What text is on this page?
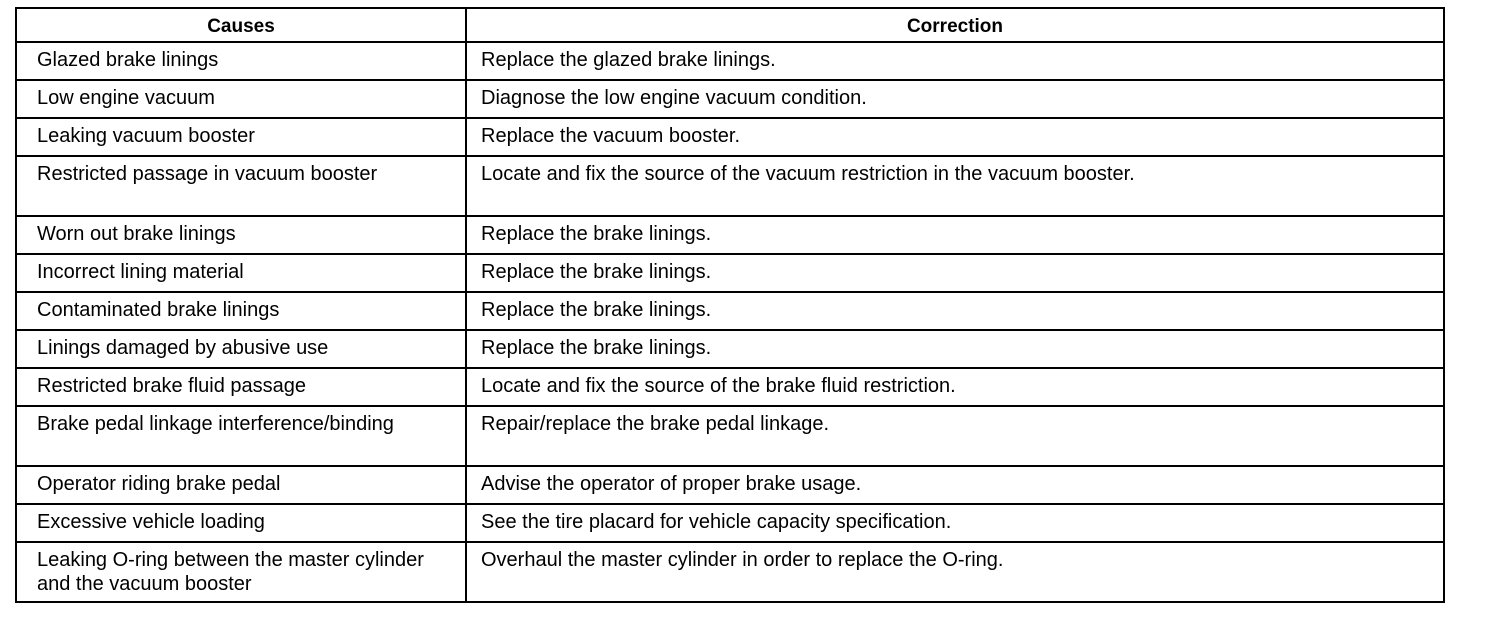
Causes	Correction
Glazed brake linings	Replace the glazed brake linings.
Low engine vacuum	Diagnose the low engine vacuum condition.
Leaking vacuum booster	Replace the vacuum booster.
Restricted passage in vacuum booster	Locate and fix the source of the vacuum restriction in the vacuum booster.
Worn out brake linings	Replace the brake linings.
Incorrect lining material	Replace the brake linings.
Contaminated brake linings	Replace the brake linings.
Linings damaged by abusive use	Replace the brake linings.
Restricted brake fluid passage	Locate and fix the source of the brake fluid restriction.
Brake pedal linkage interference/binding	Repair/replace the brake pedal linkage.
Operator riding brake pedal	Advise the operator of proper brake usage.
Excessive vehicle loading	See the tire placard for vehicle capacity specification.
Leaking O-ring between the master cylinder and the vacuum booster	Overhaul the master cylinder in order to replace the O-ring.
